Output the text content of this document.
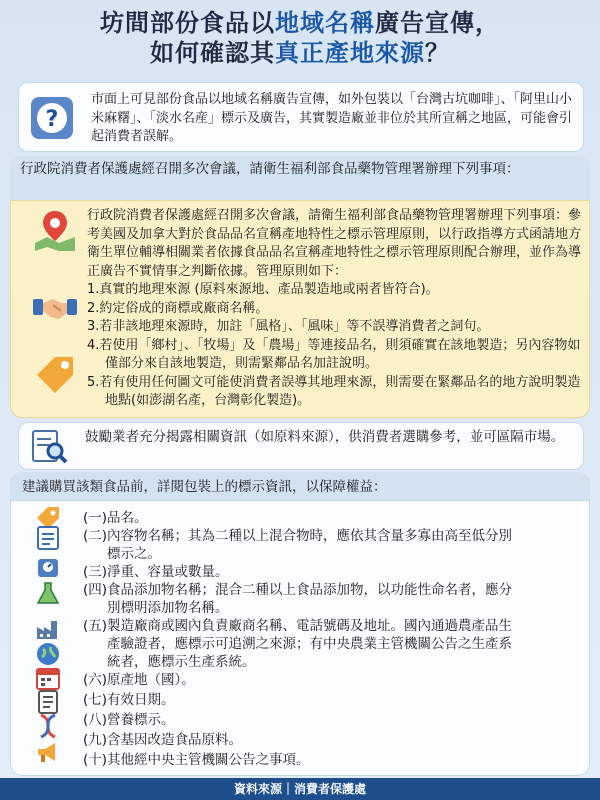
坊間部份食品以地域名稱廣告宣傳，
如何確認其真正產地來源？
?
市面上可見部份食品以地域名稱廣告宣傳，如外包裝以「台灣古坑咖啡」、「阿里山小米麻糬」、「淡水名産」標示及廣告，其實製造廠並非位於其所宣稱之地區，可能會引起消費者誤解。
行政院消費者保護處經召開多次會議，請衛生福利部食品藥物管理署辦理下列事項：
行政院消費者保護處經召開多次會議，請衛生福利部食品藥物管理署辦理下列事項：參考美國及加拿大對於食品品名宣稱產地特性之標示管理原則，以行政指導方式函請地方衛生單位輔導相關業者依據食品品名宣稱產地特性之標示管理原則配合辦理，並作為導正廣告不實情事之判斷依據。管理原則如下：
1.真實的地理來源 (原料來源地、產品製造地或兩者皆符合)。
2.約定俗成的商標或廠商名稱。
3.若非該地理來源時，加註「風格」、「風味」等不誤導消費者之詞句。
4.若使用「鄉村」、「牧場」及「農場」等連接品名，則須確實在該地製造；另內容物如僅部分來自該地製造，則需緊鄰品名加註說明。
5.若有使用任何圖文可能使消費者誤導其地理來源，則需要在緊鄰品名的地方說明製造地點(如澎湖名產，台灣彰化製造)。
鼓勵業者充分揭露相關資訊（如原料來源），供消費者選購參考，並可區隔市場。
建議購買該類食品前，詳閱包裝上的標示資訊，以保障權益：
(一)品名。
(二)內容物名稱；其為二種以上混合物時，應依其含量多寡由高至低分別
標示之。
(三)淨重、容量或數量。
(四)食品添加物名稱；混合二種以上食品添加物，以功能性命名者，應分
別標明添加物名稱。
(五)製造廠商或國內負責廠商名稱、電話號碼及地址。國內通過農產品生
產驗證者，應標示可追溯之來源；有中央農業主管機關公告之生產系
統者，應標示生產系統。
(六)原產地（國）。
(七)有效日期。
(八)營養標示。
(九)含基因改造食品原料。
(十)其他經中央主管機關公告之事項。
資料來源｜消費者保護處
